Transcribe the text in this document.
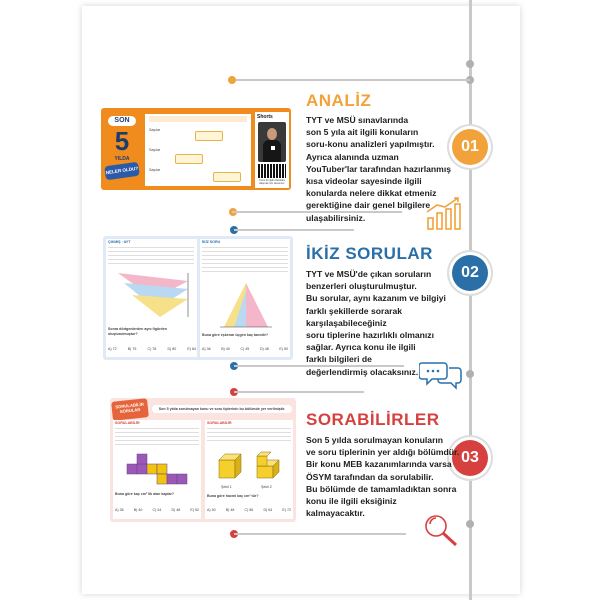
01
ANALİZ
TYT ve MSÜ sınavlarında
son 5 yıla ait ilgili konuların
soru-konu analizleri yapılmıştır.
Ayrıca alanında uzman
YouTuber'lar tarafından hazırlanmış
kısa videolar sayesinde ilgili
konularda nelere dikkat etmeniz
gerektiğine dair genel bilgilere
ulaşabilirsiniz.
SON
5
YILDA
NELER OLDU?
Sayılar
Sayılar
Sayılar
Shorts
Konu ile ilgili videolara ulaşmak için okutunuz.
02
İKİZ SORULAR
TYT ve MSÜ'de çıkan soruların
benzerleri oluşturulmuştur.
Bu sorular, aynı kazanım ve bilgiyi
farklı şekillerde sorarak
karşılaşabileceğiniz
soru tiplerine hazırlıklı olmanızı
sağlar. Ayrıca konu ile ilgili
farklı bilgileri de
değerlendirmiş olacaksınız.
ÇIKMIŞ · AYT
Sonra dörtgenlerden aynı figürden oluşturulmuştur?
A) 72	B) 75	C) 78	D) 80	E) 84
İKİZ SORU
Buna göre eşkenar üçgen kaç tanedir?
A) 36	B) 40	C) 45	D) 48	E) 50
03
SORABİLİRLER
Son 5 yılda sorulmayan konuların
ve soru tiplerinin yer aldığı bölümdür.
Bir konu MEB kazanımlarında varsa
ÖSYM tarafından da sorulabilir.
Bu bölümde de tamamladıktan sonra
konu ile ilgili eksiğiniz
kalmayacaktır.
SORULABİLİR SORULAR	Son 5 yılda sorulmayan konu ve soru tiplerinin bu bölümde yer verilmiştir.
SORULABİLİR
Buna göre kaç cm² lik alan kaplar?
A) 36	B) 40	C) 44	D) 48	E) 52
SORULABİLİR
Şekil 1	Şekil 2
Buna göre hacmi kaç cm³ tür?
A) 40	B) 48	C) 56	D) 64	E) 72
